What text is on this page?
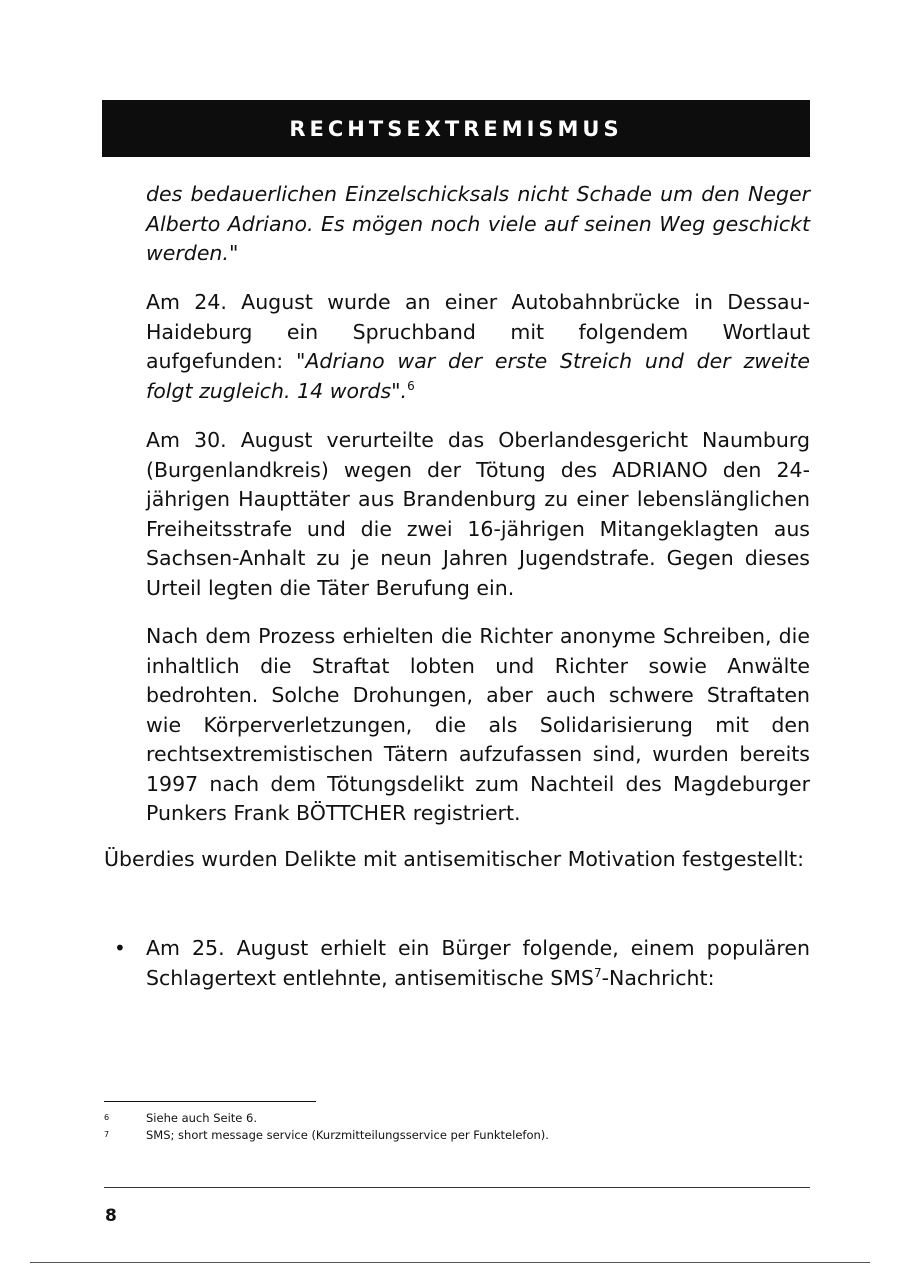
RECHTSEXTREMISMUS

des bedauerlichen Einzelschicksals nicht Schade um den Neger Alberto Adriano. Es mögen noch viele auf seinen Weg geschickt werden."

Am 24. August wurde an einer Autobahnbrücke in Dessau-Haideburg ein Spruchband mit folgendem Wortlaut aufgefunden: "Adriano war der erste Streich und der zweite folgt zugleich. 14 words".$^6$

Am 30. August verurteilte das Oberlandesgericht Naumburg (Burgenlandkreis) wegen der Tötung des ADRIANO den 24-jährigen Haupttäter aus Brandenburg zu einer lebenslänglichen Freiheitsstrafe und die zwei 16-jährigen Mitangeklagten aus Sachsen-Anhalt zu je neun Jahren Jugendstrafe. Gegen dieses Urteil legten die Täter Berufung ein.

Nach dem Prozess erhielten die Richter anonyme Schreiben, die inhaltlich die Straftat lobten und Richter sowie Anwälte bedrohten. Solche Drohungen, aber auch schwere Straftaten wie Körperverletzungen, die als Solidarisierung mit den rechtsextremistischen Tätern aufzufassen sind, wurden bereits 1997 nach dem Tötungsdelikt zum Nachteil des Magdeburger Punkers Frank BÖTTCHER registriert.

Überdies wurden Delikte mit antisemitischer Motivation festgestellt:

• Am 25. August erhielt ein Bürger folgende, einem populären Schlagertext entlehnte, antisemitische SMS$^7$-Nachricht:

6	Siehe auch Seite 6.
7	SMS; short message service (Kurzmitteilungsservice per Funktelefon).
8
